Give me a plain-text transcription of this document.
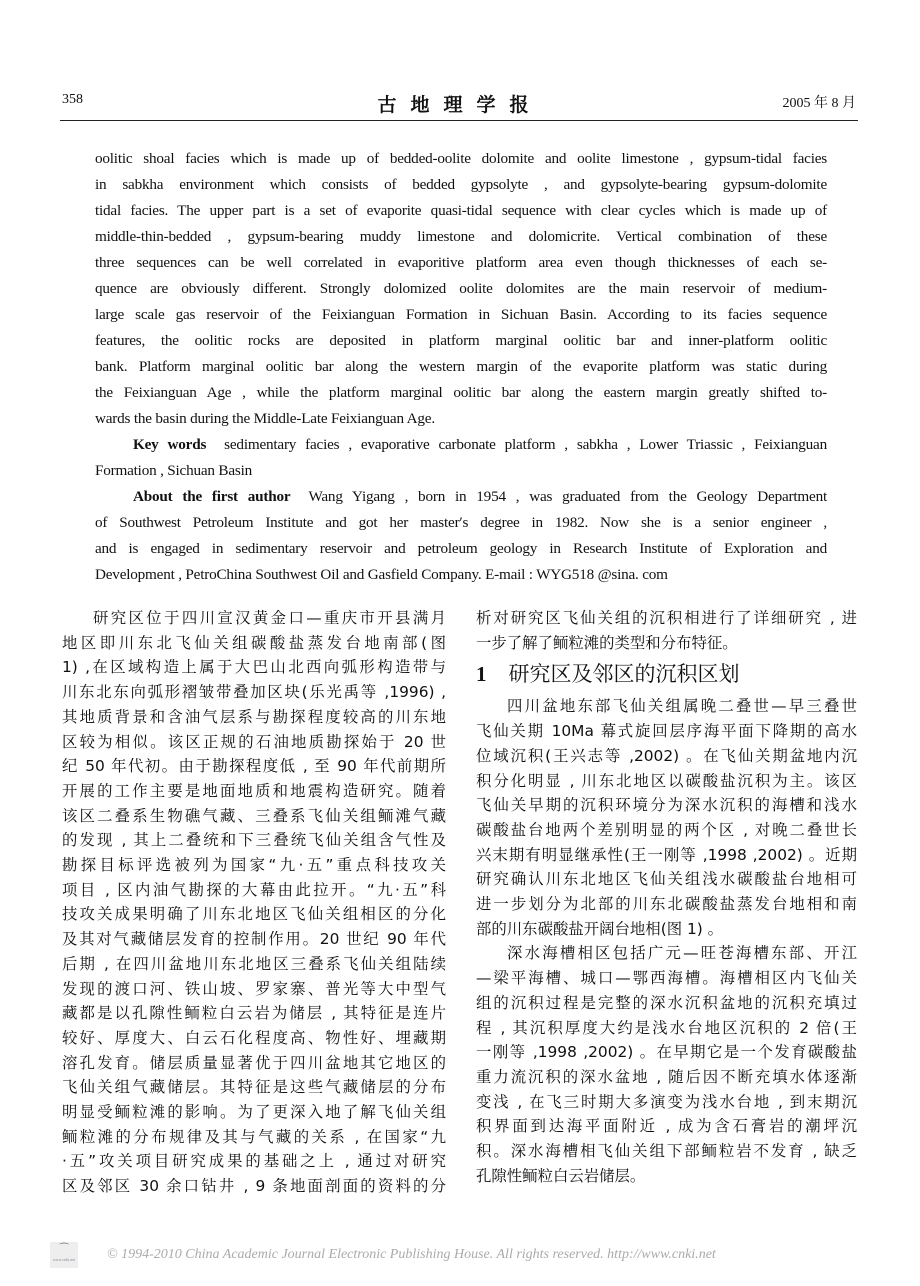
358	古地理学报	2005 年 8 月
oolitic shoal facies which is made up of bedded-oolite dolomite and oolite limestone , gypsum-tidal facies
in sabkha environment which consists of bedded gypsolyte , and gypsolyte-bearing gypsum-dolomite
tidal facies. The upper part is a set of evaporite quasi-tidal sequence with clear cycles which is made up of
middle-thin-bedded , gypsum-bearing muddy limestone and dolomicrite. Vertical combination of these
three sequences can be well correlated in evaporitive platform area even though thicknesses of each se-
quence are obviously different. Strongly dolomized oolite dolomites are the main reservoir of medium-
large scale gas reservoir of the Feixianguan Formation in Sichuan Basin. According to its facies sequence
features, the oolitic rocks are deposited in platform marginal oolitic bar and inner-platform oolitic
bank. Platform marginal oolitic bar along the western margin of the evaporite platform was static during
the Feixianguan Age , while the platform marginal oolitic bar along the eastern margin greatly shifted to-
wards the basin during the Middle-Late Feixianguan Age.
Key words sedimentary facies , evaporative carbonate platform , sabkha , Lower Triassic , Feixianguan
Formation , Sichuan Basin
About the first author Wang Yigang , born in 1954 , was graduated from the Geology Department
of Southwest Petroleum Institute and got her master′s degree in 1982. Now she is a senior engineer ,
and is engaged in sedimentary reservoir and petroleum geology in Research Institute of Exploration and
Development , PetroChina Southwest Oil and Gasfield Company. E-mail : WYG518 @sina. com
研究区位于四川宣汉黄金口—重庆市开县满月
地区即川东北飞仙关组碳酸盐蒸发台地南部(图
1) ,在区域构造上属于大巴山北西向弧形构造带与
川东北东向弧形褶皱带叠加区块(乐光禹等 ,1996) ,
其地质背景和含油气层系与勘探程度较高的川东地
区较为相似。该区正规的石油地质勘探始于 20 世
纪 50 年代初。由于勘探程度低 , 至 90 年代前期所
开展的工作主要是地面地质和地震构造研究。随着
该区二叠系生物礁气藏、三叠系飞仙关组鲕滩气藏
的发现 , 其上二叠统和下三叠统飞仙关组含气性及
勘探目标评选被列为国家“九·五”重点科技攻关
项目 , 区内油气勘探的大幕由此拉开。“九·五”科
技攻关成果明确了川东北地区飞仙关组相区的分化
及其对气藏储层发育的控制作用。20 世纪 90 年代
后期 , 在四川盆地川东北地区三叠系飞仙关组陆续
发现的渡口河、铁山坡、罗家寨、普光等大中型气
藏都是以孔隙性鲕粒白云岩为储层 , 其特征是连片
较好、厚度大、白云石化程度高、物性好、埋藏期
溶孔发育。储层质量显著优于四川盆地其它地区的
飞仙关组气藏储层。其特征是这些气藏储层的分布
明显受鲕粒滩的影响。为了更深入地了解飞仙关组
鲕粒滩的分布规律及其与气藏的关系 , 在国家“九
·五”攻关项目研究成果的基础之上 , 通过对研究
区及邻区 30 余口钻井 , 9 条地面剖面的资料的分
析对研究区飞仙关组的沉积相进行了详细研究 , 进
一步了解了鲕粒滩的类型和分布特征。
1 研究区及邻区的沉积区划
四川盆地东部飞仙关组属晚二叠世—早三叠世
飞仙关期 10Ma 幕式旋回层序海平面下降期的高水
位域沉积(王兴志等 ,2002) 。在飞仙关期盆地内沉
积分化明显 , 川东北地区以碳酸盐沉积为主。该区
飞仙关早期的沉积环境分为深水沉积的海槽和浅水
碳酸盐台地两个差别明显的两个区 , 对晚二叠世长
兴末期有明显继承性(王一刚等 ,1998 ,2002) 。近期
研究确认川东北地区飞仙关组浅水碳酸盐台地相可
进一步划分为北部的川东北碳酸盐蒸发台地相和南
部的川东碳酸盐开阔台地相(图 1) 。
深水海槽相区包括广元—旺苍海槽东部、开江
—梁平海槽、城口—鄂西海槽。海槽相区内飞仙关
组的沉积过程是完整的深水沉积盆地的沉积充填过
程 , 其沉积厚度大约是浅水台地区沉积的 2 倍(王
一刚等 ,1998 ,2002) 。在早期它是一个发育碳酸盐
重力流沉积的深水盆地 , 随后因不断充填水体逐渐
变浅 , 在飞三时期大多演变为浅水台地 , 到末期沉
积界面到达海平面附近 , 成为含石膏岩的潮坪沉
积。深水海槽相飞仙关组下部鲕粒岩不发育 , 缺乏
孔隙性鲕粒白云岩储层。
⁀
www.cnki.net © 1994-2010 China Academic Journal Electronic Publishing House. All rights reserved. http://www.cnki.net
